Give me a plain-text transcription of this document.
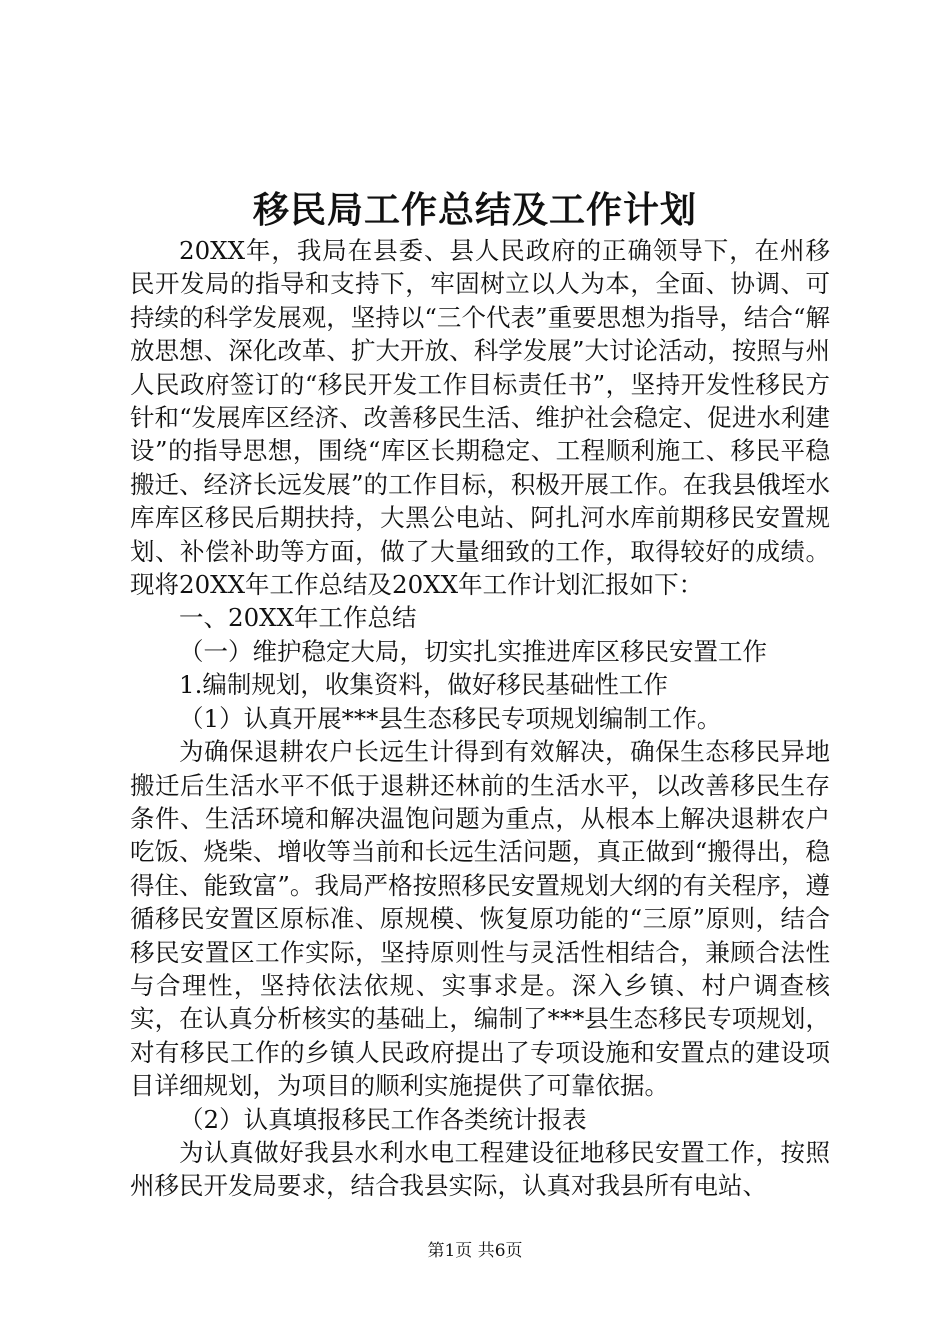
移民局工作总结及工作计划

20XX年，我局在县委、县人民政府的正确领导下，在州移民开发局的指导和支持下，牢固树立以人为本，全面、协调、可持续的科学发展观，坚持以“三个代表”重要思想为指导，结合“解放思想、深化改革、扩大开放、科学发展”大讨论活动，按照与州人民政府签订的“移民开发工作目标责任书”，坚持开发性移民方针和“发展库区经济、改善移民生活、维护社会稳定、促进水利建设”的指导思想，围绕“库区长期稳定、工程顺利施工、移民平稳搬迁、经济长远发展”的工作目标，积极开展工作。在我县俄垤水库库区移民后期扶持，大黑公电站、阿扎河水库前期移民安置规划、补偿补助等方面，做了大量细致的工作，取得较好的成绩。现将20XX年工作总结及20XX年工作计划汇报如下：

一、20XX年工作总结

（一）维护稳定大局，切实扎实推进库区移民安置工作

1.编制规划，收集资料，做好移民基础性工作

（1）认真开展***县生态移民专项规划编制工作。

为确保退耕农户长远生计得到有效解决，确保生态移民异地搬迁后生活水平不低于退耕还林前的生活水平，以改善移民生存条件、生活环境和解决温饱问题为重点，从根本上解决退耕农户吃饭、烧柴、增收等当前和长远生活问题，真正做到“搬得出，稳得住、能致富”。我局严格按照移民安置规划大纲的有关程序，遵循移民安置区原标准、原规模、恢复原功能的“三原”原则，结合移民安置区工作实际，坚持原则性与灵活性相结合，兼顾合法性与合理性，坚持依法依规、实事求是。深入乡镇、村户调查核实，在认真分析核实的基础上，编制了***县生态移民专项规划，对有移民工作的乡镇人民政府提出了专项设施和安置点的建设项目详细规划，为项目的顺利实施提供了可靠依据。

（2）认真填报移民工作各类统计报表

为认真做好我县水利水电工程建设征地移民安置工作，按照州移民开发局要求，结合我县实际，认真对我县所有电站、

第1页 共6页
